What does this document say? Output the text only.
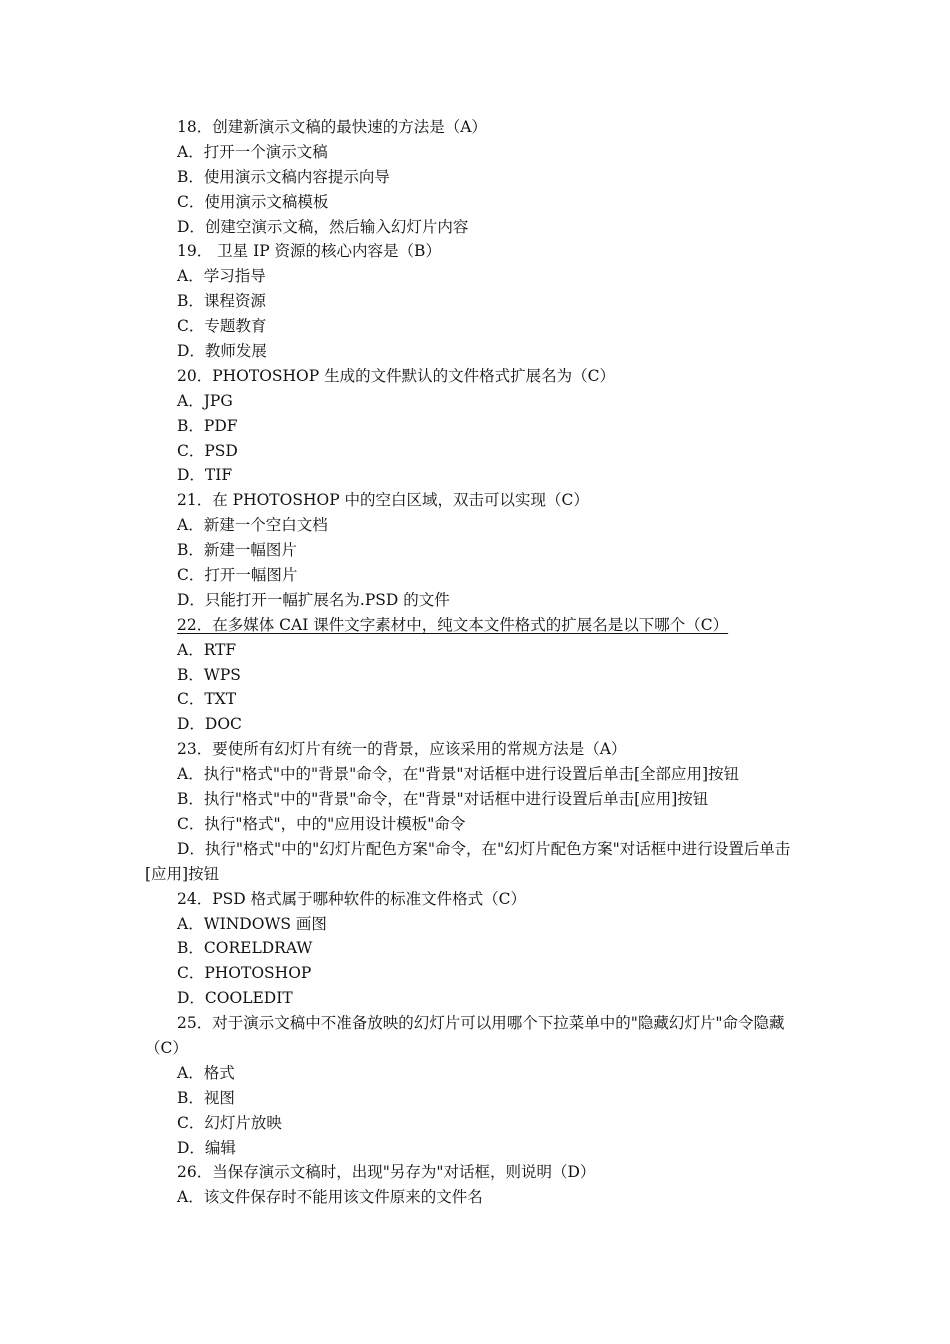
18．创建新演示文稿的最快速的方法是（A）
A．打开一个演示文稿
B．使用演示文稿内容提示向导
C．使用演示文稿模板
D．创建空演示文稿，然后输入幻灯片内容
19． 卫星 IP 资源的核心内容是（B）
A．学习指导
B．课程资源
C．专题教育
D．教师发展
20．PHOTOSHOP 生成的文件默认的文件格式扩展名为（C）
A．JPG
B．PDF
C．PSD
D．TIF
21．在 PHOTOSHOP 中的空白区域，双击可以实现（C）
A．新建一个空白文档
B．新建一幅图片
C．打开一幅图片
D．只能打开一幅扩展名为.PSD 的文件
22．在多媒体 CAI 课件文字素材中，纯文本文件格式的扩展名是以下哪个（C）
A．RTF
B．WPS
C．TXT
D．DOC
23．要使所有幻灯片有统一的背景，应该采用的常规方法是（A）
A．执行"格式"中的"背景"命令，在"背景"对话框中进行设置后单击[全部应用]按钮
B．执行"格式"中的"背景"命令，在"背景"对话框中进行设置后单击[应用]按钮
C．执行"格式"，中的"应用设计模板"命令
D．执行"格式"中的"幻灯片配色方案"命令，在"幻灯片配色方案"对话框中进行设置后单击[应用]按钮
24．PSD 格式属于哪种软件的标准文件格式（C）
A．WINDOWS 画图
B．CORELDRAW
C．PHOTOSHOP
D．COOLEDIT
25．对于演示文稿中不准备放映的幻灯片可以用哪个下拉菜单中的"隐藏幻灯片"命令隐藏（C）
A．格式
B．视图
C．幻灯片放映
D．编辑
26．当保存演示文稿时，出现"另存为"对话框，则说明（D）
A．该文件保存时不能用该文件原来的文件名
